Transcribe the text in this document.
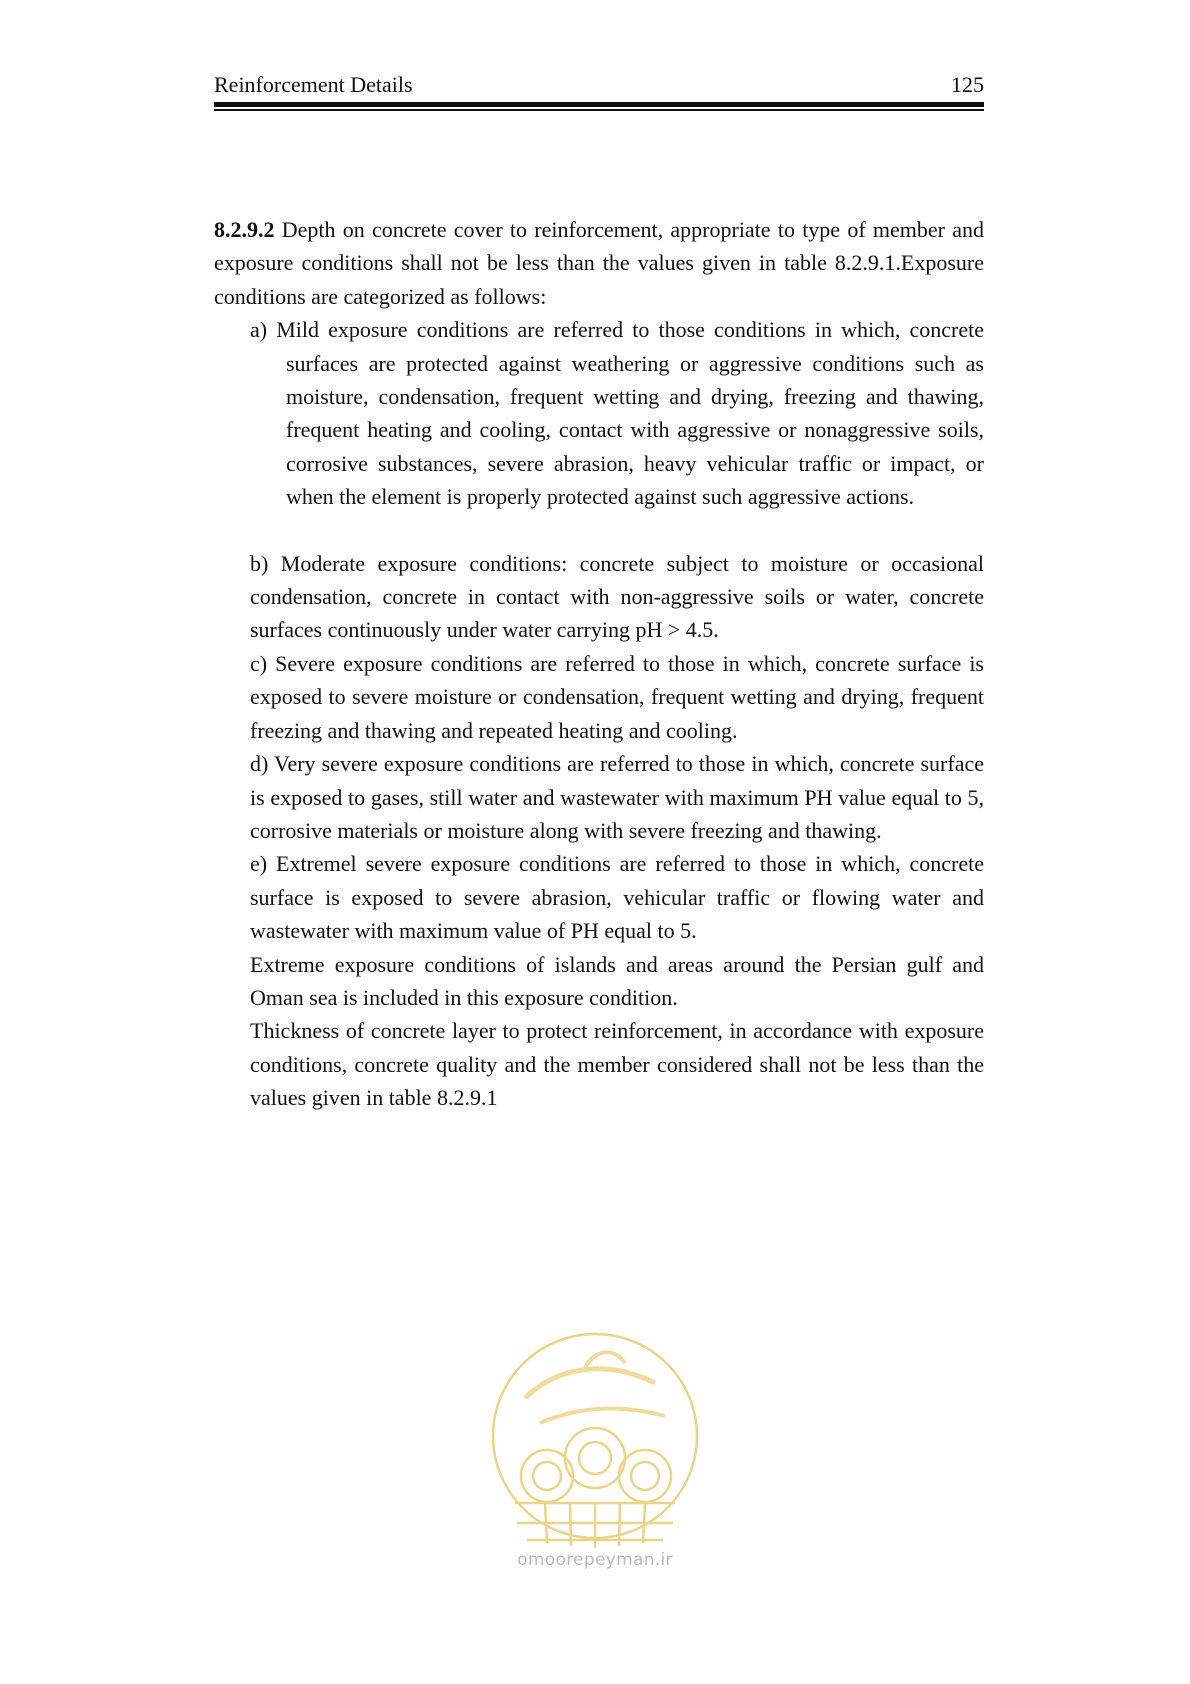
Reinforcement Details	125

8.2.9.2 Depth on concrete cover to reinforcement, appropriate to type of member and exposure conditions shall not be less than the values given in table 8.2.9.1.Exposure conditions are categorized as follows:

a) Mild exposure conditions are referred to those conditions in which, concrete surfaces are protected against weathering or aggressive conditions such as moisture, condensation, frequent wetting and drying, freezing and thawing, frequent heating and cooling, contact with aggressive or nonaggressive soils, corrosive substances, severe abrasion, heavy vehicular traffic or impact, or when the element is properly protected against such aggressive actions.

b) Moderate exposure conditions: concrete subject to moisture or occasional condensation, concrete in contact with non-aggressive soils or water, concrete surfaces continuously under water carrying pH > 4.5.

c) Severe exposure conditions are referred to those in which, concrete surface is exposed to severe moisture or condensation, frequent wetting and drying, frequent freezing and thawing and repeated heating and cooling.

d) Very severe exposure conditions are referred to those in which, concrete surface is exposed to gases, still water and wastewater with maximum PH value equal to 5, corrosive materials or moisture along with severe freezing and thawing.

e) Extremel severe exposure conditions are referred to those in which, concrete surface is exposed to severe abrasion, vehicular traffic or flowing water and wastewater with maximum value of PH equal to 5.

Extreme exposure conditions of islands and areas around the Persian gulf and Oman sea is included in this exposure condition.

Thickness of concrete layer to protect reinforcement, in accordance with exposure conditions, concrete quality and the member considered shall not be less than the values given in table 8.2.9.1

omoorepeyman.ir
